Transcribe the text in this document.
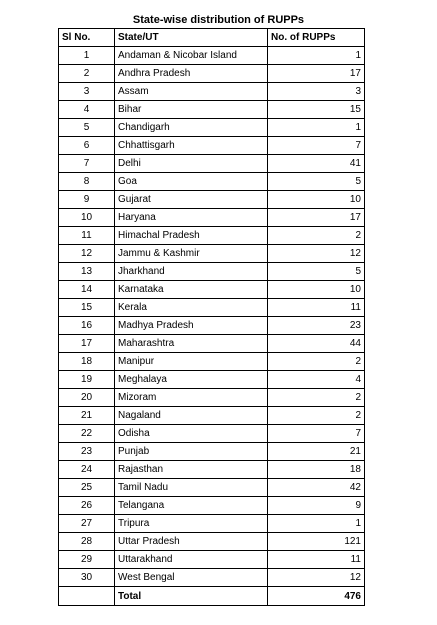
State-wise distribution of RUPPs
Sl No.	State/UT	No. of RUPPs
1	Andaman & Nicobar Island	1
2	Andhra Pradesh	17
3	Assam	3
4	Bihar	15
5	Chandigarh	1
6	Chhattisgarh	7
7	Delhi	41
8	Goa	5
9	Gujarat	10
10	Haryana	17
11	Himachal Pradesh	2
12	Jammu & Kashmir	12
13	Jharkhand	5
14	Karnataka	10
15	Kerala	11
16	Madhya Pradesh	23
17	Maharashtra	44
18	Manipur	2
19	Meghalaya	4
20	Mizoram	2
21	Nagaland	2
22	Odisha	7
23	Punjab	21
24	Rajasthan	18
25	Tamil Nadu	42
26	Telangana	9
27	Tripura	1
28	Uttar Pradesh	121
29	Uttarakhand	11
30	West Bengal	12
	Total	476
